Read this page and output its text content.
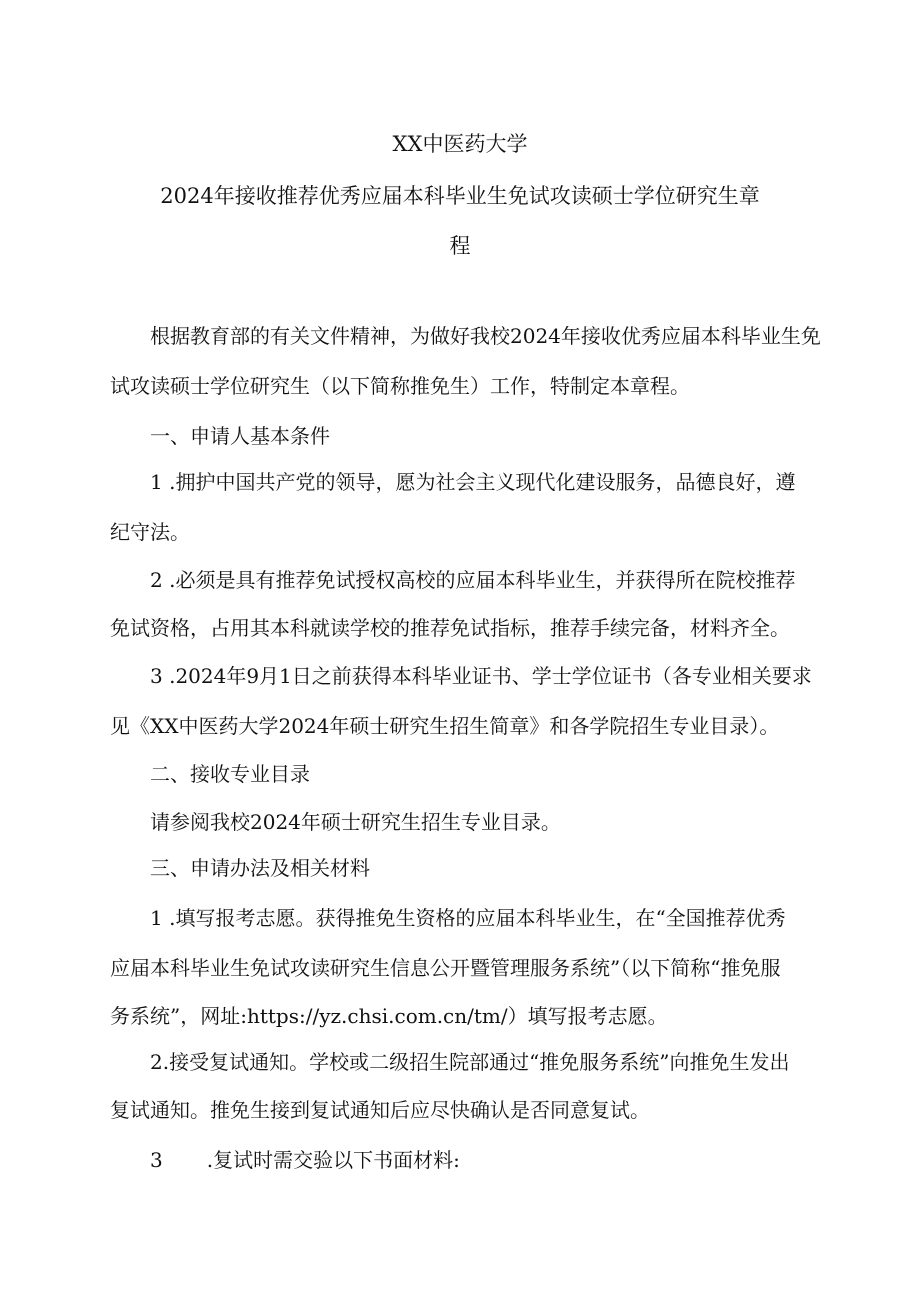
XX中医药大学
2024年接收推荐优秀应届本科毕业生免试攻读硕士学位研究生章
程

根据教育部的有关文件精神，为做好我校2024年接收优秀应届本科毕业生免

试攻读硕士学位研究生（以下简称推免生）工作，特制定本章程。

一、申请人基本条件

1 .拥护中国共产党的领导，愿为社会主义现代化建设服务，品德良好，遵

纪守法。

2 .必须是具有推荐免试授权高校的应届本科毕业生，并获得所在院校推荐

免试资格，占用其本科就读学校的推荐免试指标，推荐手续完备，材料齐全。

3 .2024年9月1日之前获得本科毕业证书、学士学位证书（各专业相关要求

见《XX中医药大学2024年硕士研究生招生简章》和各学院招生专业目录）。

二、接收专业目录

请参阅我校2024年硕士研究生招生专业目录。

三、申请办法及相关材料

1 .填写报考志愿。获得推免生资格的应届本科毕业生，在“全国推荐优秀

应届本科毕业生免试攻读研究生信息公开暨管理服务系统”（以下简称“推免服

务系统”，网址:https://yz.chsi.com.cn/tm/）填写报考志愿。

2.接受复试通知。学校或二级招生院部通过“推免服务系统”向推免生发出

复试通知。推免生接到复试通知后应尽快确认是否同意复试。

3 .复试时需交验以下书面材料:
